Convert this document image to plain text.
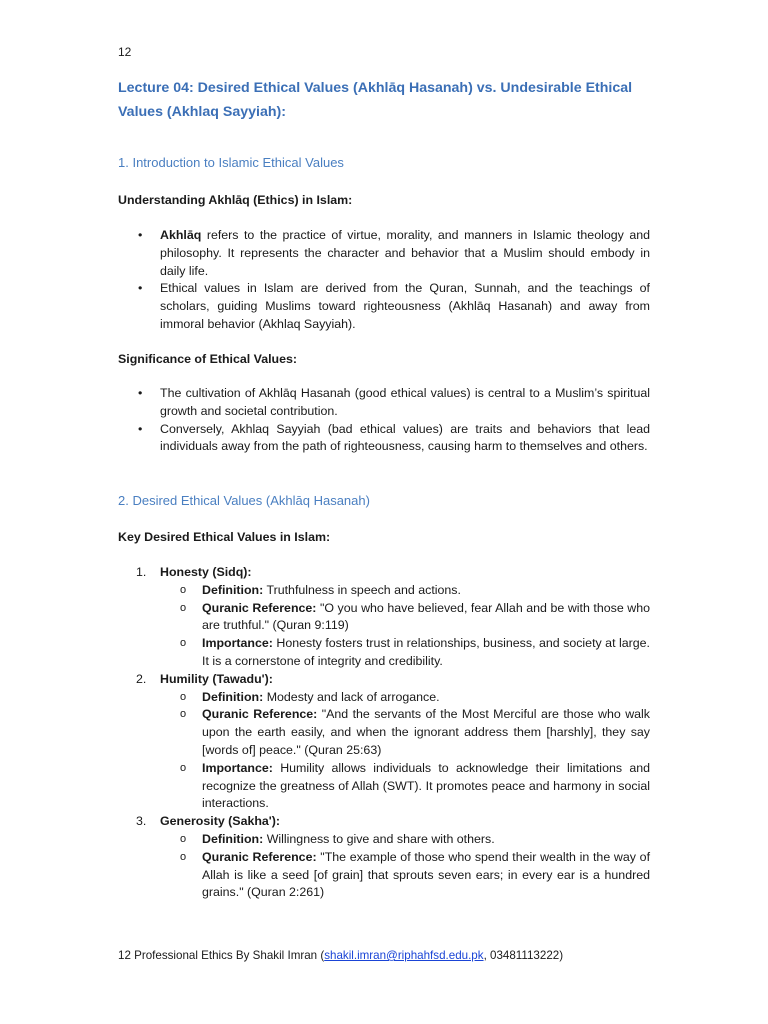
12
Lecture 04: Desired Ethical Values (Akhlāq Hasanah) vs. Undesirable Ethical Values (Akhlaq Sayyiah):
1. Introduction to Islamic Ethical Values
Understanding Akhlāq (Ethics) in Islam:
• Akhlāq refers to the practice of virtue, morality, and manners in Islamic theology and philosophy. It represents the character and behavior that a Muslim should embody in daily life.
• Ethical values in Islam are derived from the Quran, Sunnah, and the teachings of scholars, guiding Muslims toward righteousness (Akhlāq Hasanah) and away from immoral behavior (Akhlaq Sayyiah).
Significance of Ethical Values:
• The cultivation of Akhlāq Hasanah (good ethical values) is central to a Muslim’s spiritual growth and societal contribution.
• Conversely, Akhlaq Sayyiah (bad ethical values) are traits and behaviors that lead individuals away from the path of righteousness, causing harm to themselves and others.
2. Desired Ethical Values (Akhlāq Hasanah)
Key Desired Ethical Values in Islam:
1. Honesty (Sidq):
o Definition: Truthfulness in speech and actions.
o Quranic Reference: "O you who have believed, fear Allah and be with those who are truthful." (Quran 9:119)
o Importance: Honesty fosters trust in relationships, business, and society at large. It is a cornerstone of integrity and credibility.
2. Humility (Tawadu'):
o Definition: Modesty and lack of arrogance.
o Quranic Reference: "And the servants of the Most Merciful are those who walk upon the earth easily, and when the ignorant address them [harshly], they say [words of] peace." (Quran 25:63)
o Importance: Humility allows individuals to acknowledge their limitations and recognize the greatness of Allah (SWT). It promotes peace and harmony in social interactions.
3. Generosity (Sakha'):
o Definition: Willingness to give and share with others.
o Quranic Reference: "The example of those who spend their wealth in the way of Allah is like a seed [of grain] that sprouts seven ears; in every ear is a hundred grains." (Quran 2:261)
12 Professional Ethics By Shakil Imran (shakil.imran@riphahfsd.edu.pk, 03481113222)
